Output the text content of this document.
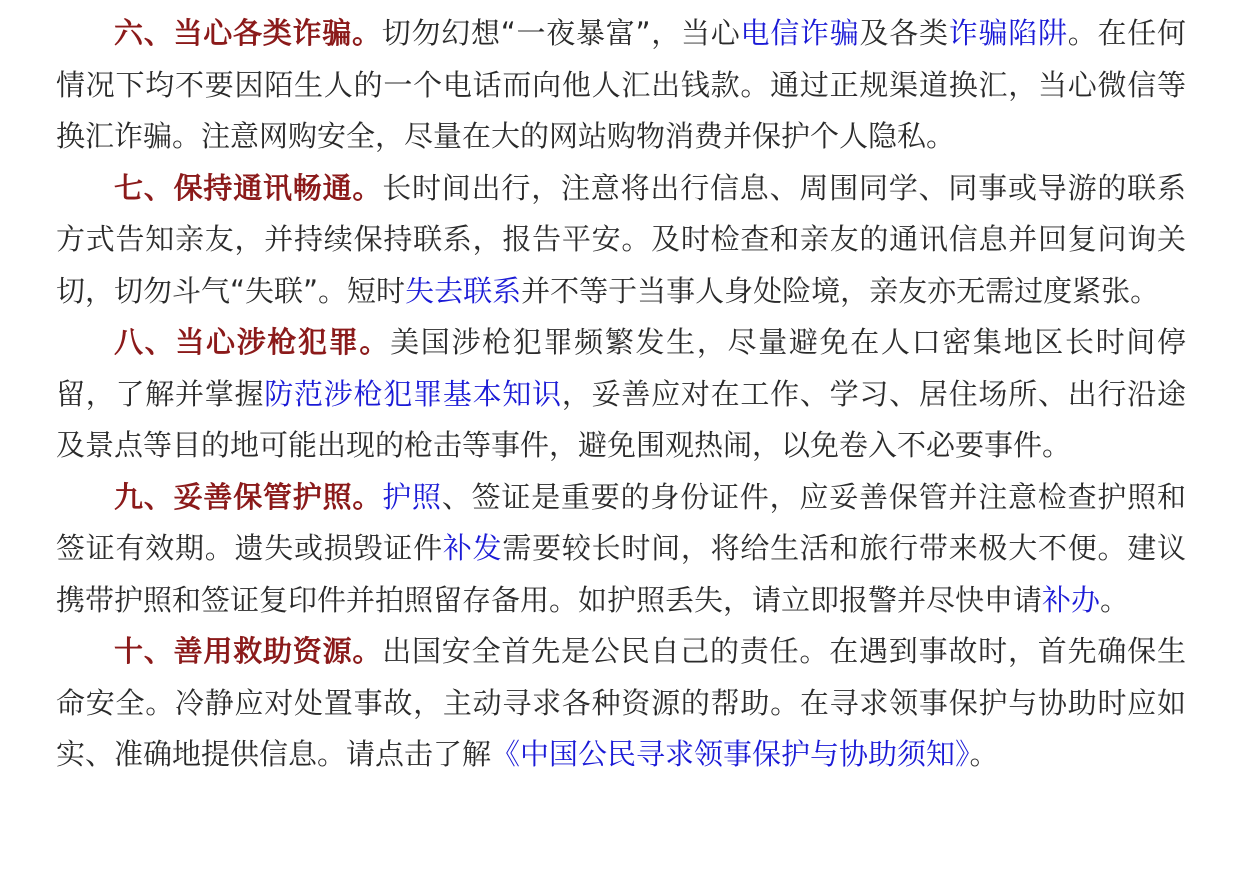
六、当心各类诈骗。切勿幻想“一夜暴富”，当心电信诈骗及各类诈骗陷阱。在任何情况下均不要因陌生人的一个电话而向他人汇出钱款。通过正规渠道换汇，当心微信等换汇诈骗。注意网购安全，尽量在大的网站购物消费并保护个人隐私。

七、保持通讯畅通。长时间出行，注意将出行信息、周围同学、同事或导游的联系方式告知亲友，并持续保持联系，报告平安。及时检查和亲友的通讯信息并回复问询关切，切勿斗气“失联”。短时失去联系并不等于当事人身处险境，亲友亦无需过度紧张。

八、当心涉枪犯罪。美国涉枪犯罪频繁发生，尽量避免在人口密集地区长时间停留，了解并掌握防范涉枪犯罪基本知识，妥善应对在工作、学习、居住场所、出行沿途及景点等目的地可能出现的枪击等事件，避免围观热闹，以免卷入不必要事件。

九、妥善保管护照。护照、签证是重要的身份证件，应妥善保管并注意检查护照和签证有效期。遗失或损毁证件补发需要较长时间，将给生活和旅行带来极大不便。建议携带护照和签证复印件并拍照留存备用。如护照丢失，请立即报警并尽快申请补办。

十、善用救助资源。出国安全首先是公民自己的责任。在遇到事故时，首先确保生命安全。冷静应对处置事故，主动寻求各种资源的帮助。在寻求领事保护与协助时应如实、准确地提供信息。请点击了解《中国公民寻求领事保护与协助须知》。
